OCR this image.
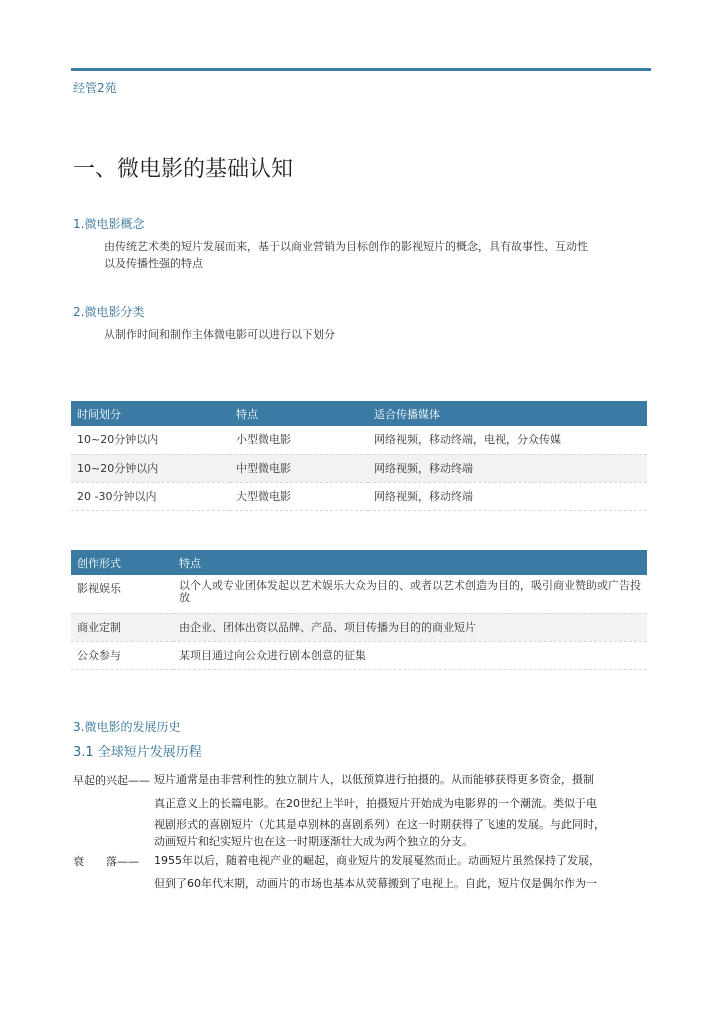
经管2苑
一、微电影的基础认知
1.微电影概念

由传统艺术类的短片发展而来，基于以商业营销为目标创作的影视短片的概念，具有故事性、互动性

以及传播性强的特点

2.微电影分类

从制作时间和制作主体微电影可以进行以下划分

时间划分	特点	适合传播媒体
10~20分钟以内	小型微电影	网络视频，移动终端，电视，分众传媒
10~20分钟以内	中型微电影	网络视频，移动终端
20 -30分钟以内	大型微电影	网络视频，移动终端
创作形式	特点
影视娱乐	以个人或专业团体发起以艺术娱乐大众为目的、或者以艺术创造为目的，吸引商业赞助或广告投放
商业定制	由企业、团体出资以品牌、产品、项目传播为目的的商业短片
公众参与	某项目通过向公众进行剧本创意的征集
3.微电影的发展历史
3.1 全球短片发展历程
早起的兴起—— 短片通常是由非营利性的独立制片人，以低预算进行拍摄的。从而能够获得更多资金，摄制

真正意义上的长篇电影。在20世纪上半叶，拍摄短片开始成为电影界的一个潮流。类似于电

视剧形式的喜剧短片（尤其是卓别林的喜剧系列）在这一时期获得了飞速的发展。与此同时，

动画短片和纪实短片也在这一时期逐渐壮大成为两个独立的分支。

衰　　落—— 1955年以后，随着电视产业的崛起，商业短片的发展戛然而止。动画短片虽然保持了发展，

但到了60年代末期，动画片的市场也基本从荧幕搬到了电视上。自此，短片仅是偶尔作为一
